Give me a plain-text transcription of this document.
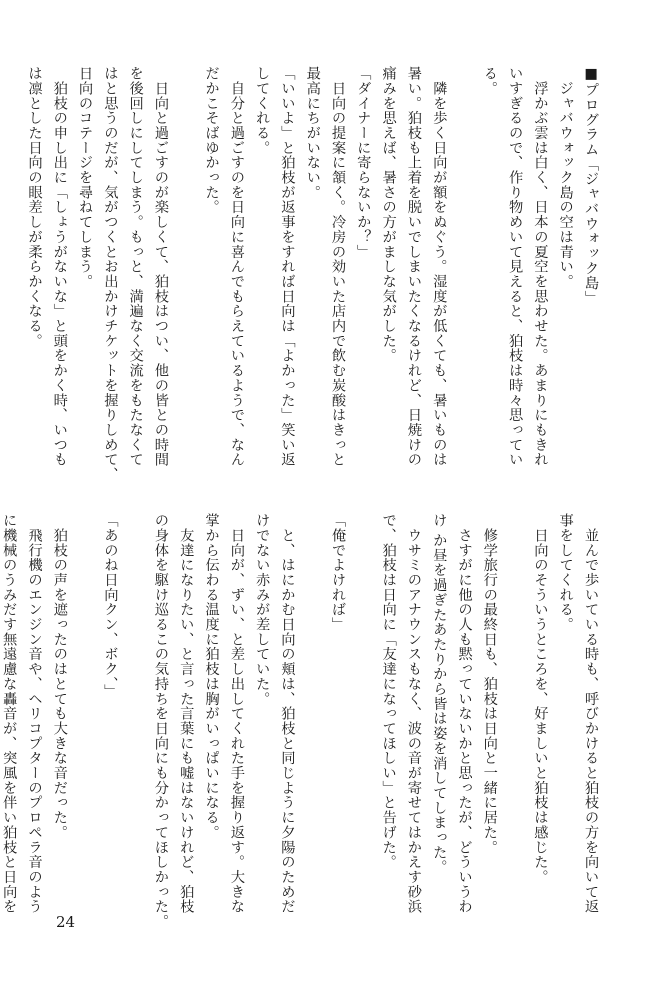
■プログラム「ジャバウォック島」
　ジャバウォック島の空は青い。
　浮かぶ雲は白く、日本の夏空を思わせた。あまりにもきれ
いすぎるので、作り物めいて見えると、狛枝は時々思ってい
る。

　隣を歩く日向が額をぬぐう。湿度が低くても、暑いものは
暑い。狛枝も上着を脱いでしまいたくなるけれど、日焼けの
痛みを思えば、暑さの方がましな気がした。
「ダイナーに寄らないか？」
　日向の提案に頷く。冷房の効いた店内で飲む炭酸はきっと
最高にちがいない。
「いいよ」と狛枝が返事をすれば日向は「よかった」笑い返
してくれる。
　自分と過ごすのを日向に喜んでもらえているようで、なん
だかこそばゆかった。

　日向と過ごすのが楽しくて、狛枝はつい、他の皆との時間
を後回しにしてしまう。もっと、満遍なく交流をもたなくて
はと思うのだが、気がつくとお出かけチケットを握りしめて、
日向のコテージを尋ねてしまう。
　狛枝の申し出に「しょうがないな」と頭をかく時、いつも
は凛とした日向の眼差しが柔らかくなる。
　並んで歩いている時も、呼びかけると狛枝の方を向いて返
事をしてくれる。
　日向のそういうところを、好ましいと狛枝は感じた。

　修学旅行の最終日も、狛枝は日向と一緒に居た。
　さすがに他の人も黙っていないかと思ったが、どういうわ
け か昼を過ぎたあたりから皆は姿を消してしまった。
　ウサミのアナウンスもなく、波の音が寄せてはかえす砂浜
で、狛枝は日向に「友達になってほしい」と告げた。

「俺でよければ」

　と、はにかむ日向の頬は、狛枝と同じように夕陽のためだ
けでない赤みが差していた。
　日向が、ずい、と差し出してくれた手を握り返す。大きな
掌から伝わる温度に狛枝は胸がいっぱいになる。
　友達になりたい、と言った言葉にも嘘はないけれど、狛枝
の身体を駆け巡るこの気持ちを日向にも分かってほしかった。

「あのね日向クン、ボク、」

　狛枝の声を遮ったのはとても大きな音だった。
　飛行機のエンジン音や、ヘリコプターのプロペラ音のよう
に機械のうみだす無遠慮な轟音が、突風を伴い狛枝と日向を
24
